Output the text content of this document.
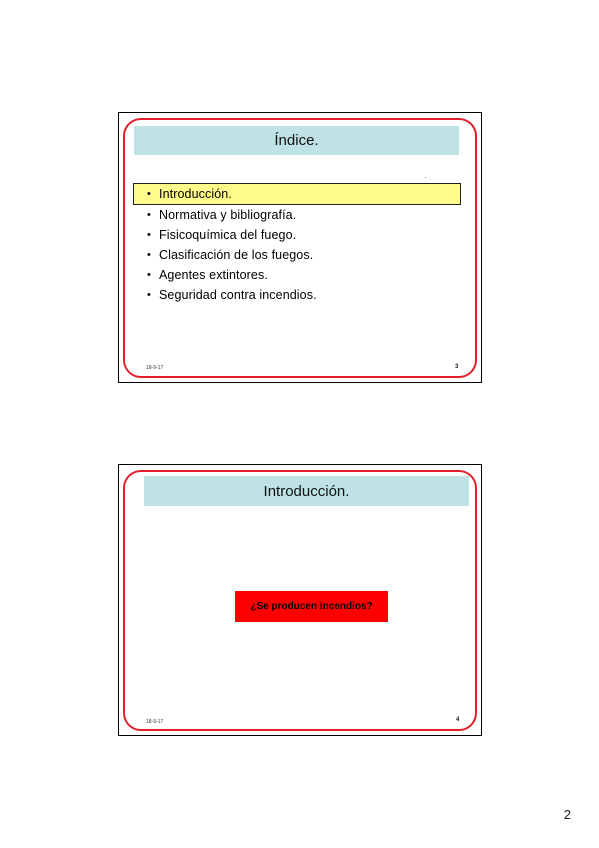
Índice.
• Introducción.
• Normativa y bibliografía.
• Fisicoquímica del fuego.
• Clasificación de los fuegos.
• Agentes extintores.
• Seguridad contra incendios.
18-9-17	3
Introducción.
¿Se producen incendios?
18-9-17	4
2
